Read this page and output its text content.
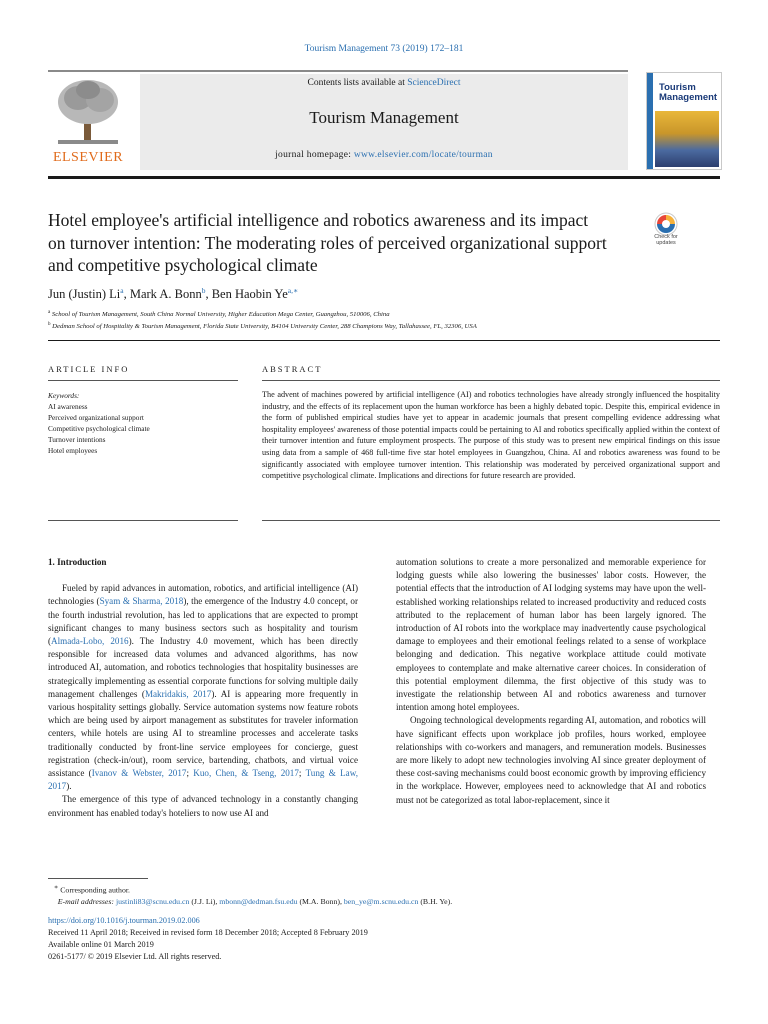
Tourism Management 73 (2019) 172–181
ELSEVIER
Contents lists available at ScienceDirect
Tourism Management
journal homepage: www.elsevier.com/locate/tourman
Tourism
Management
Hotel employee's artificial intelligence and robotics awareness and its impact on turnover intention: The moderating roles of perceived organizational support and competitive psychological climate
Check for updates
Jun (Justin) Li$^a$, Mark A. Bonn$^b$, Ben Haobin $Ye^{a,∗}$
$^a$ School of Tourism Management, South China Normal University, Higher Education Mega Center, Guangzhou, 510006, China
$^b$ Dedman School of Hospitality & Tourism Management, Florida State University, B4104 University Center, 288 Champions Way, Tallahassee, FL, 32306, USA
ARTICLE INFO	ABSTRACT
Keywords:
AI awareness
Perceived organizational support
Competitive psychological climate
Turnover intentions
Hotel employees
The advent of machines powered by artificial intelligence (AI) and robotics technologies have already strongly influenced the hospitality industry, and the effects of its replacement upon the human workforce has been a highly debated topic. Despite this, empirical evidence in the form of published empirical studies have yet to appear in academic journals that present compelling evidence addressing what hospitality employees' awareness of those potential impacts could be pertaining to AI and robotics specifically applied within the context of their turnover intention and future employment prospects. The purpose of this study was to present new empirical findings on this issue using data from a sample of 468 full-time five star hotel employees in Guangzhou, China. AI and robotics awareness was found to be significantly associated with employee turnover intention. This relationship was moderated by perceived organizational support and competitive psychological climate. Implications and directions for future research are provided.
1. Introduction

Fueled by rapid advances in automation, robotics, and artificial intelligence (AI) technologies (Syam & Sharma, 2018), the emergence of the Industry 4.0 concept, or the fourth industrial revolution, has led to applications that are expected to prompt significant changes to many business sectors such as hospitality and tourism (Almada-Lobo, 2016). The Industry 4.0 movement, which has been directly responsible for increased data volumes and advanced algorithms, has now introduced AI, automation, and robotics technologies that hospitality businesses are strategically implementing as essential corporate functions for solving multiple daily management challenges (Makridakis, 2017). AI is appearing more frequently in various hospitality settings globally. Service automation systems now feature robots which are being used by airport management as substitutes for traveler information centers, while hotels are using AI to streamline processes and accelerate tasks traditionally conducted by front-line service employees for concierge, guest registration (check-in/out), room service, bartending, chatbots, and virtual voice assistance (Ivanov & Webster, 2017; Kuo, Chen, & Tseng, 2017; Tung & Law, 2017).

The emergence of this type of advanced technology in a constantly changing environment has enabled today's hoteliers to now use AI and

automation solutions to create a more personalized and memorable experience for lodging guests while also lowering the businesses' labor costs. However, the potential effects that the introduction of AI lodging systems may have upon the well-established working relationships related to increased productivity and reduced costs attributed to the replacement of human labor has been largely ignored. The introduction of AI robots into the workplace may inadvertently cause psychological damage to employees and their emotional feelings related to a sense of workplace belonging and dedication. This negative workplace attitude could motivate employees to contemplate and make alternative career choices. In consideration of this potential employment dilemma, the first objective of this study was to investigate the relationship between AI and robotics awareness and turnover intention among hotel employees.

Ongoing technological developments regarding AI, automation, and robotics will have significant effects upon workplace job profiles, hours worked, employee relationships with co-workers and managers, and remuneration models. Businesses are more likely to adopt new technologies involving AI since greater deployment of these cost-saving mechanisms could boost economic growth by improving efficiency in the workplace. However, employees need to acknowledge that AI and robotics must not be categorized as total labor-replacement, since it

∗ Corresponding author.

E-mail addresses: justinli83@scnu.edu.cn (J.J. Li), mbonn@dedman.fsu.edu (M.A. Bonn), ben_ye@m.scnu.edu.cn (B.H. Ye).

https://doi.org/10.1016/j.tourman.2019.02.006
Received 11 April 2018; Received in revised form 18 December 2018; Accepted 8 February 2019
Available online 01 March 2019
0261-5177/ © 2019 Elsevier Ltd. All rights reserved.
